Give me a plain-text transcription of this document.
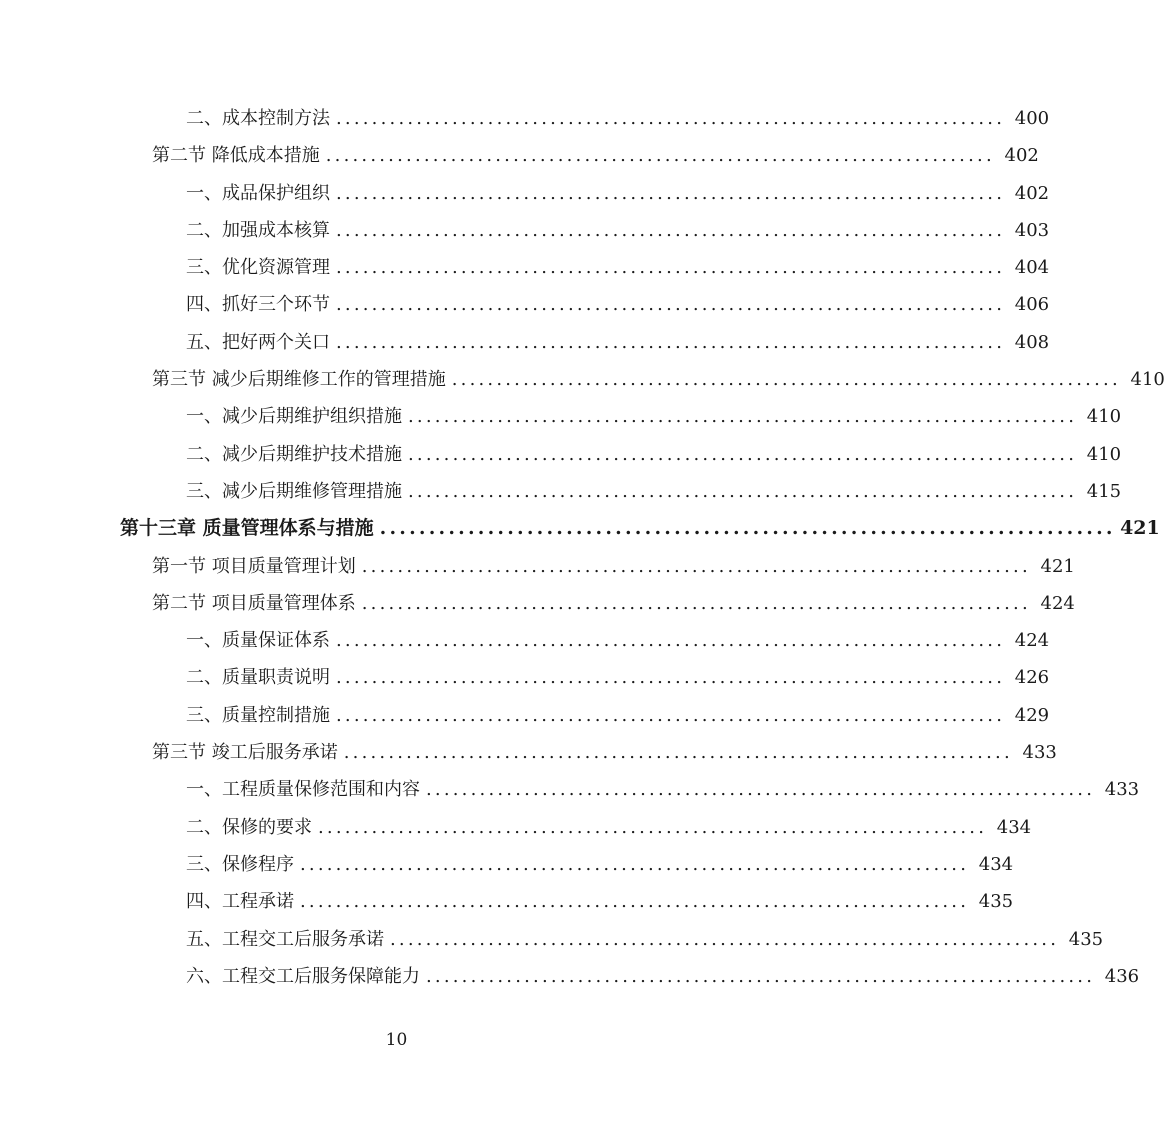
二、成本控制方法 ........................................................................... 400
第二节 降低成本措施 ........................................................................... 402
一、成品保护组织 ........................................................................... 402
二、加强成本核算 ........................................................................... 403
三、优化资源管理 ........................................................................... 404
四、抓好三个环节 ........................................................................... 406
五、把好两个关口 ........................................................................... 408
第三节 减少后期维修工作的管理措施 ........................................................................... 410
一、减少后期维护组织措施 ........................................................................... 410
二、减少后期维护技术措施 ........................................................................... 410
三、减少后期维修管理措施 ........................................................................... 415
第十三章 质量管理体系与措施 ........................................................................... 421
第一节 项目质量管理计划 ........................................................................... 421
第二节 项目质量管理体系 ........................................................................... 424
一、质量保证体系 ........................................................................... 424
二、质量职责说明 ........................................................................... 426
三、质量控制措施 ........................................................................... 429
第三节 竣工后服务承诺 ........................................................................... 433
一、工程质量保修范围和内容 ........................................................................... 433
二、保修的要求 ........................................................................... 434
三、保修程序 ........................................................................... 434
四、工程承诺 ........................................................................... 435
五、工程交工后服务承诺 ........................................................................... 435
六、工程交工后服务保障能力 ........................................................................... 436
10
